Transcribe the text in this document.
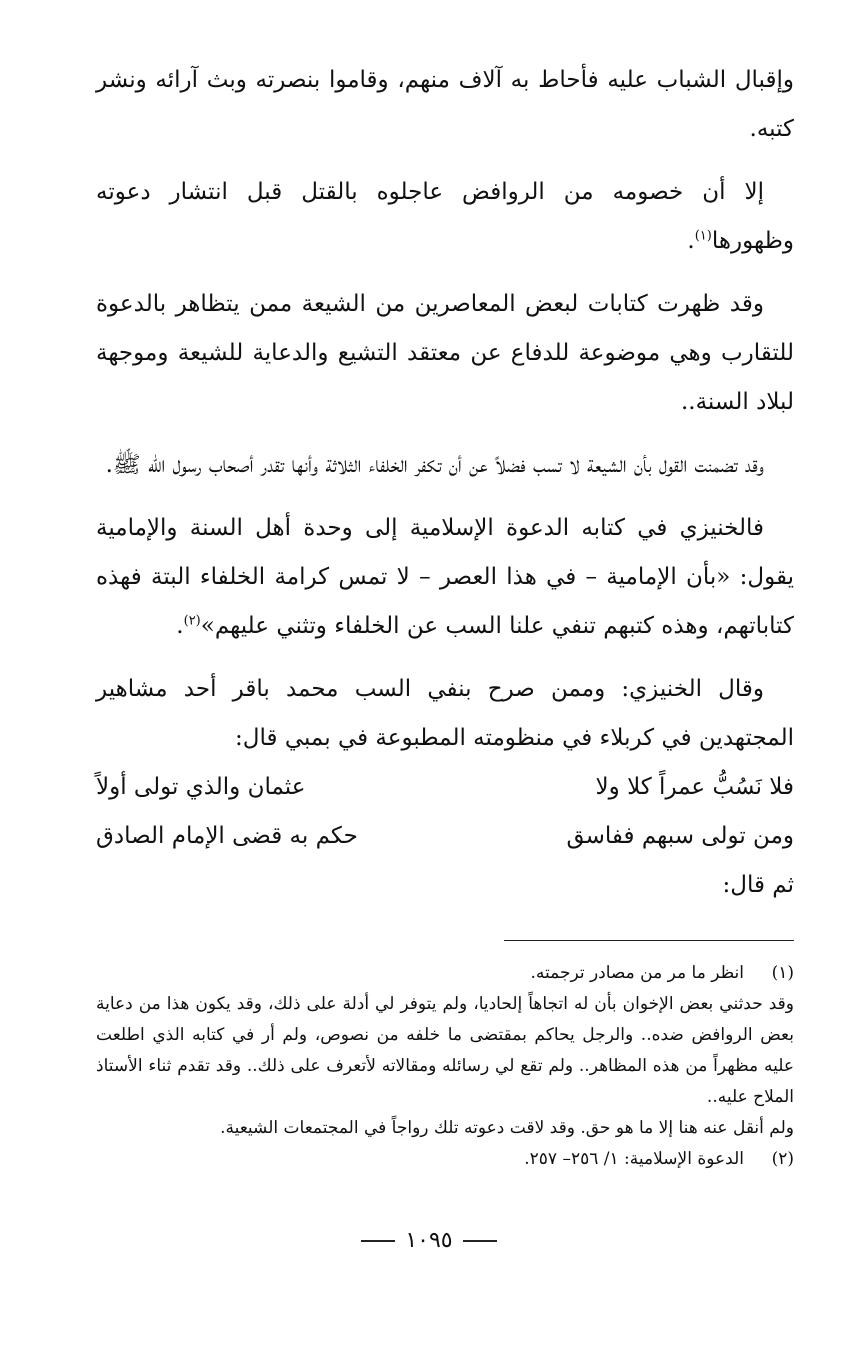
وإقبال الشباب عليه فأحاط به آلاف منهم، وقاموا بنصرته وبث آرائه ونشر كتبه.

إلا أن خصومه من الروافض عاجلوه بالقتل قبل انتشار دعوته وظهورها$^{(١)}$.

وقد ظهرت كتابات لبعض المعاصرين من الشيعة ممن يتظاهر بالدعوة للتقارب وهي موضوعة للدفاع عن معتقد التشيع والدعاية للشيعة وموجهة لبلاد السنة..

وقد تضمنت القول بأن الشيعة لا تسب فضلاً عن أن تكفر الخلفاء الثلاثة وأنها تقدر أصحاب رسول الله ﷺ.

فالخنيزي في كتابه الدعوة الإسلامية إلى وحدة أهل السنة والإمامية يقول: «بأن الإمامية – في هذا العصر – لا تمس كرامة الخلفاء البتة فهذه كتاباتهم، وهذه كتبهم تنفي علنا السب عن الخلفاء وتثني عليهم»$^{(٢)}$.

وقال الخنيزي: وممن صرح بنفي السب محمد باقر أحد مشاهير المجتهدين في كربلاء في منظومته المطبوعة في بمبي قال:

فلا نَسُبُّ عمراً كلا ولا
عثمان والذي تولى أولاً
ومن تولى سبهم ففاسق
حكم به قضى الإمام الصادق

ثم قال:

(١)

انظر ما مر من مصادر ترجمته.

وقد حدثني بعض الإخوان بأن له اتجاهاً إلحاديا، ولم يتوفر لي أدلة على ذلك، وقد يكون هذا من دعاية بعض الروافض ضده.. والرجل يحاكم بمقتضى ما خلفه من نصوص، ولم أر في كتابه الذي اطلعت عليه مظهراً من هذه المظاهر.. ولم تقع لي رسائله ومقالاته لأتعرف على ذلك.. وقد تقدم ثناء الأستاذ الملاح عليه..

ولم أنقل عنه هنا إلا ما هو حق. وقد لاقت دعوته تلك رواجاً في المجتمعات الشيعية.

(٢)

الدعوة الإسلامية: ١/ ٢٥٦– ٢٥٧.

١٠٩٥
